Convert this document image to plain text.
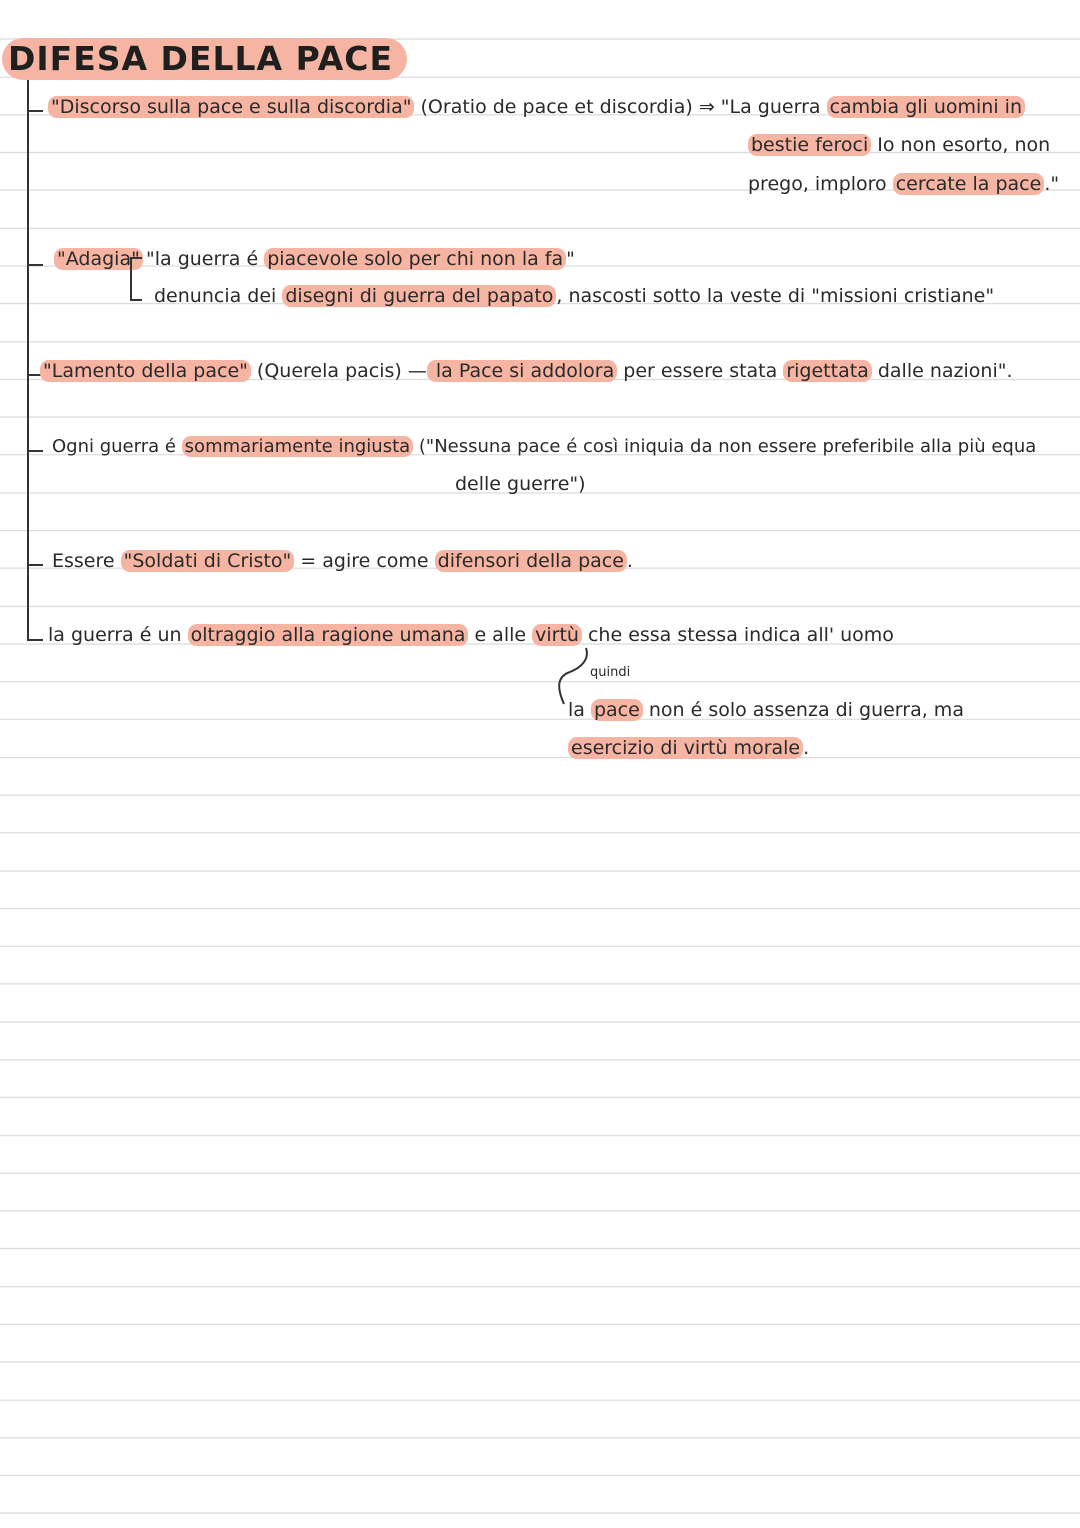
DIFESA DELLA PACE
"Discorso sulla pace e sulla discordia" (Oratio de pace et discordia) ⇒ "La guerra cambia gli uomini in
bestie feroci Io non esorto, non
prego, imploro cercate la pace ."
"Adagia" "la guerra é piacevole solo per chi non la fa "
denuncia dei disegni di guerra del papato , nascosti sotto la veste di "missioni cristiane"
"Lamento della pace" (Querela pacis) — la Pace si addolora per essere stata rigettata dalle nazioni".
Ogni guerra é sommariamente ingiusta ("Nessuna pace é così iniquia da non essere preferibile alla più equa
delle guerre")
Essere "Soldati di Cristo" = agire come difensori della pace .
la guerra é un oltraggio alla ragione umana e alle virtù che essa stessa indica all' uomo
quindi
la pace non é solo assenza di guerra, ma
esercizio di virtù morale .
